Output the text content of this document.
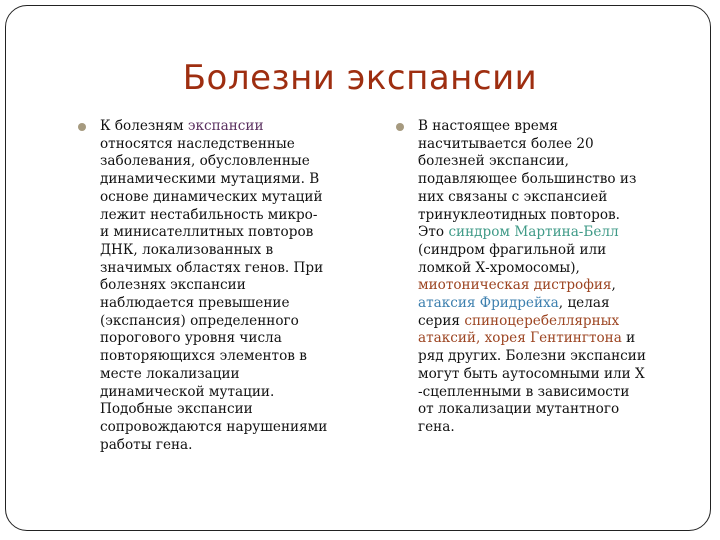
Болезни экспансии
К болезням экспансии
относятся наследственные
заболевания, обусловленные
динамическими мутациями. В
основе динамических мутаций
лежит нестабильность микро-
и минисателлитных повторов
ДНК, локализованных в
значимых областях генов. При
болезнях экспансии
наблюдается превышение
(экспансия) определенного
порогового уровня числа
повторяющихся элементов в
месте локализации
динамической мутации.
Подобные экспансии
сопровождаются нарушениями
работы гена.
В настоящее время
насчитывается более 20
болезней экспансии,
подавляющее большинство из
них связаны с экспансией
тринуклеотидных повторов.
Это синдром Мартина-Белл
(синдром фрагильной или
ломкой Х-хромосомы),
миотоническая дистрофия,
атаксия Фридрейха, целая
серия спиноцеребеллярных
атаксий, хорея Гентингтона и
ряд других. Болезни экспансии
могут быть аутосомными или Х
-сцепленными в зависимости
от локализации мутантного
гена.
